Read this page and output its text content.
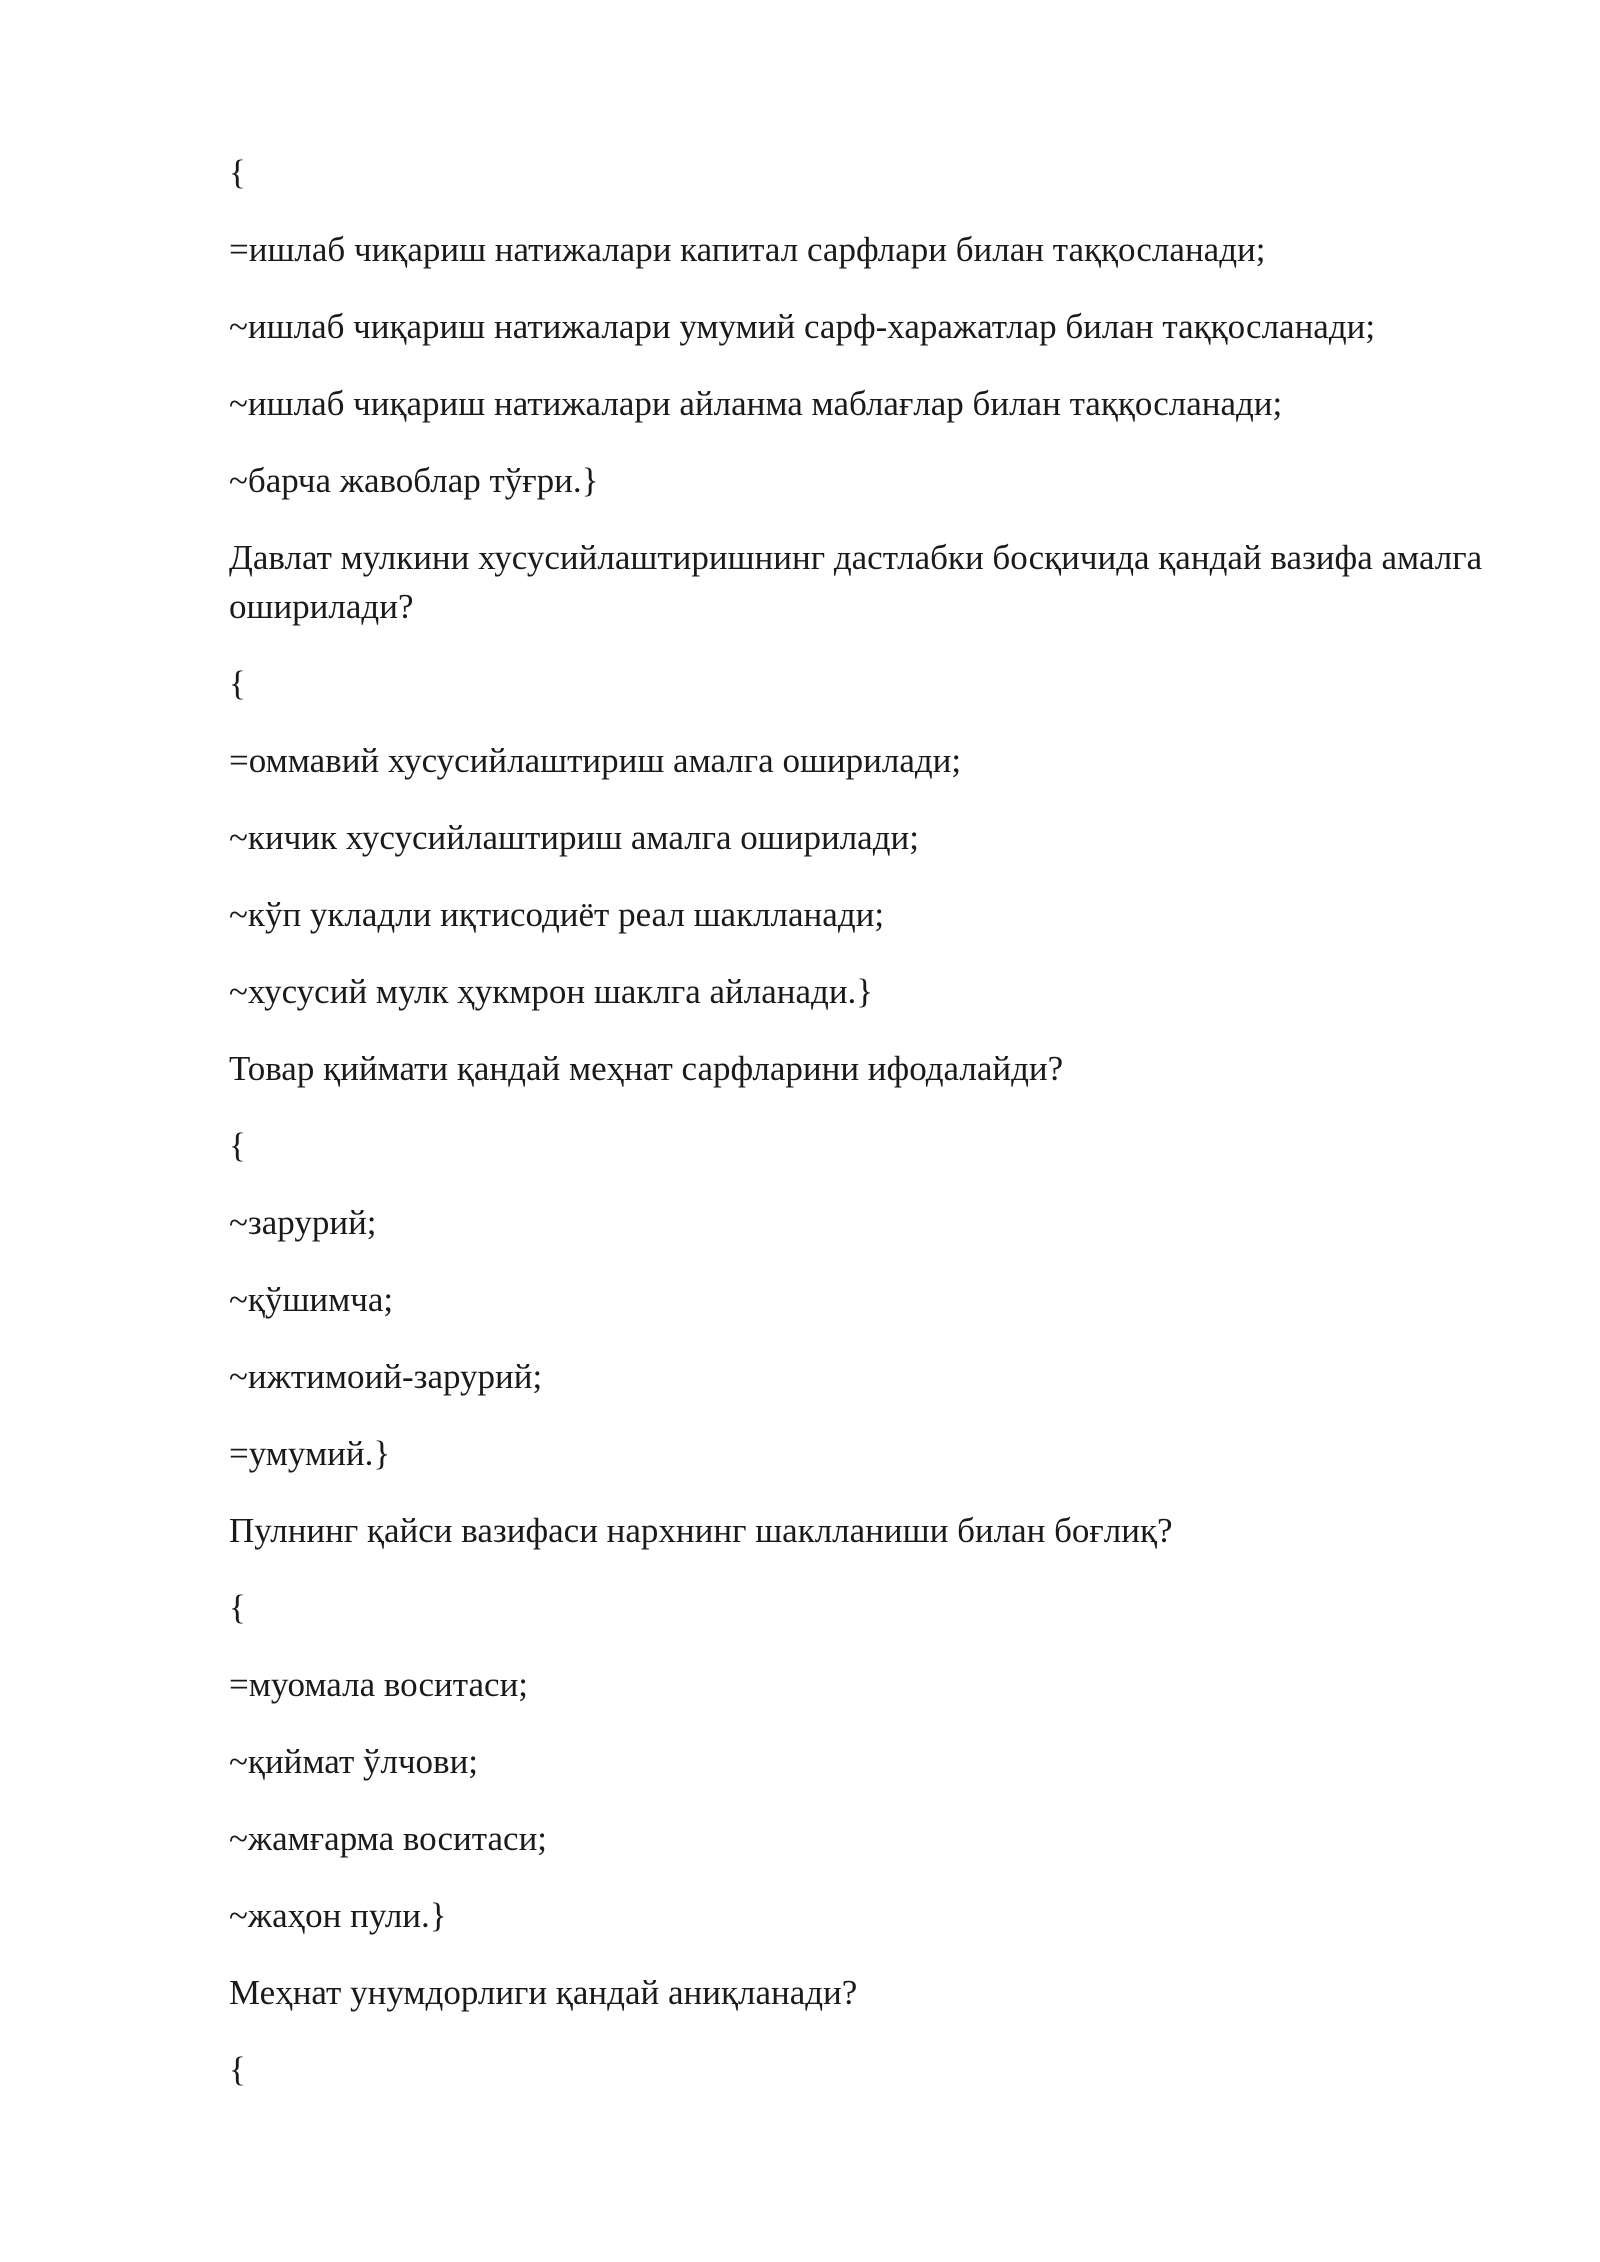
{

=ишлаб чиқариш натижалари капитал сарфлари билан таққосланади;

~ишлаб чиқариш натижалари умумий сарф-харажатлар билан таққосланади;

~ишлаб чиқариш натижалари айланма маблағлар билан таққосланади;

~барча жавоблар тўғри.}

Давлат мулкини хусусийлаштиришнинг дастлабки босқичида қандай вазифа амалга оширилади?

{

=оммавий хусусийлаштириш амалга оширилади;

~кичик хусусийлаштириш амалга оширилади;

~кўп укладли иқтисодиёт реал шаклланади;

~хусусий мулк ҳукмрон шаклга айланади.}

Товар қиймати қандай меҳнат сарфларини ифодалайди?

{

~зарурий;

~қўшимча;

~ижтимоий-зарурий;

=умумий.}

Пулнинг қайси вазифаси нархнинг шаклланиши билан боғлиқ?

{

=муомала воситаси;

~қиймат ўлчови;

~жамғарма воситаси;

~жаҳон пули.}

Меҳнат унумдорлиги қандай аниқланади?

{
